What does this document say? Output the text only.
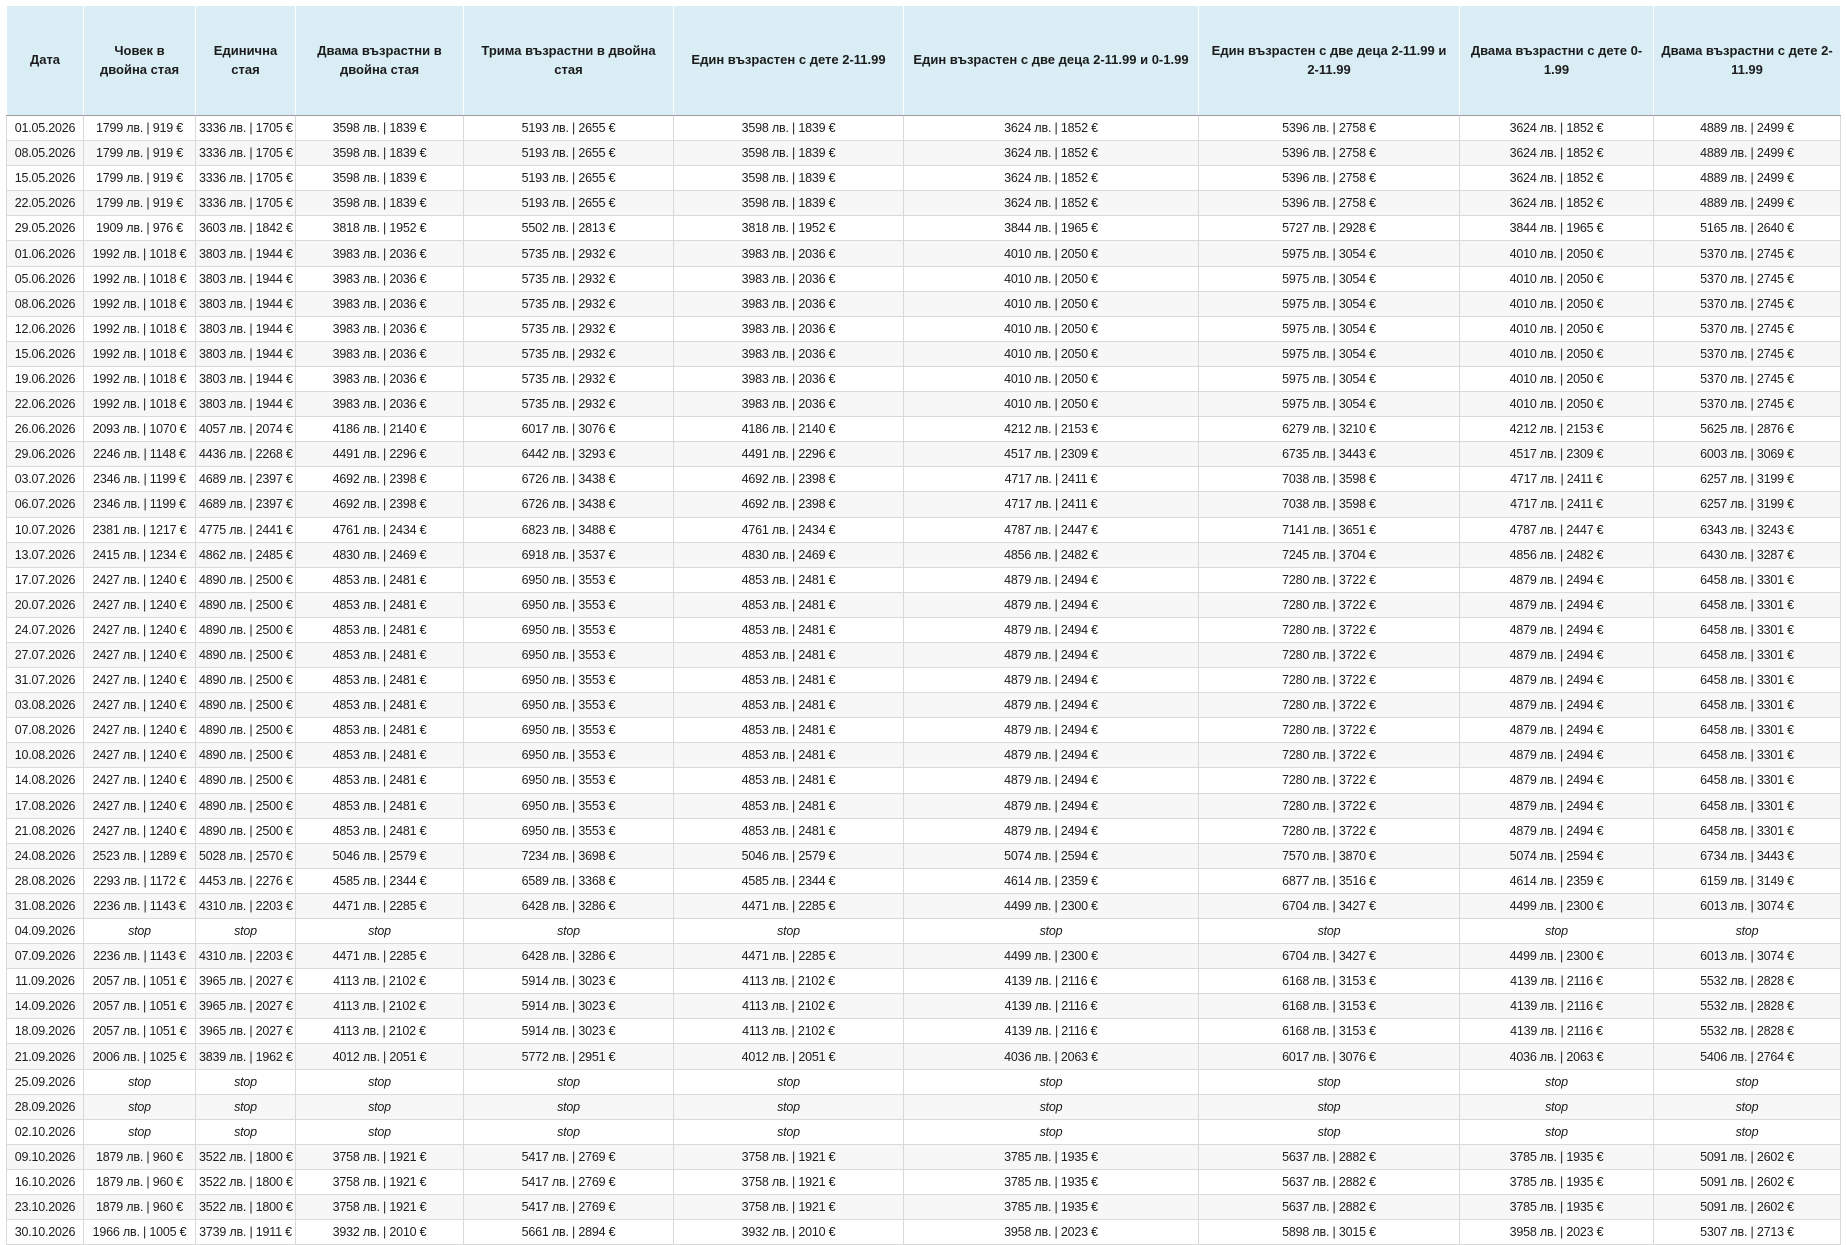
Дата	Човек в двойна стая	Единична стая	Двама възрастни в двойна стая	Трима възрастни в двойна стая	Един възрастен с дете 2-11.99	Един възрастен с две деца 2-11.99 и 0-1.99	Един възрастен с две деца 2-11.99 и 2-11.99	Двама възрастни с дете 0-1.99	Двама възрастни с дете 2-11.99
01.05.2026	1799 лв. | 919 €	3336 лв. | 1705 €	3598 лв. | 1839 €	5193 лв. | 2655 €	3598 лв. | 1839 €	3624 лв. | 1852 €	5396 лв. | 2758 €	3624 лв. | 1852 €	4889 лв. | 2499 €
08.05.2026	1799 лв. | 919 €	3336 лв. | 1705 €	3598 лв. | 1839 €	5193 лв. | 2655 €	3598 лв. | 1839 €	3624 лв. | 1852 €	5396 лв. | 2758 €	3624 лв. | 1852 €	4889 лв. | 2499 €
15.05.2026	1799 лв. | 919 €	3336 лв. | 1705 €	3598 лв. | 1839 €	5193 лв. | 2655 €	3598 лв. | 1839 €	3624 лв. | 1852 €	5396 лв. | 2758 €	3624 лв. | 1852 €	4889 лв. | 2499 €
22.05.2026	1799 лв. | 919 €	3336 лв. | 1705 €	3598 лв. | 1839 €	5193 лв. | 2655 €	3598 лв. | 1839 €	3624 лв. | 1852 €	5396 лв. | 2758 €	3624 лв. | 1852 €	4889 лв. | 2499 €
29.05.2026	1909 лв. | 976 €	3603 лв. | 1842 €	3818 лв. | 1952 €	5502 лв. | 2813 €	3818 лв. | 1952 €	3844 лв. | 1965 €	5727 лв. | 2928 €	3844 лв. | 1965 €	5165 лв. | 2640 €
01.06.2026	1992 лв. | 1018 €	3803 лв. | 1944 €	3983 лв. | 2036 €	5735 лв. | 2932 €	3983 лв. | 2036 €	4010 лв. | 2050 €	5975 лв. | 3054 €	4010 лв. | 2050 €	5370 лв. | 2745 €
05.06.2026	1992 лв. | 1018 €	3803 лв. | 1944 €	3983 лв. | 2036 €	5735 лв. | 2932 €	3983 лв. | 2036 €	4010 лв. | 2050 €	5975 лв. | 3054 €	4010 лв. | 2050 €	5370 лв. | 2745 €
08.06.2026	1992 лв. | 1018 €	3803 лв. | 1944 €	3983 лв. | 2036 €	5735 лв. | 2932 €	3983 лв. | 2036 €	4010 лв. | 2050 €	5975 лв. | 3054 €	4010 лв. | 2050 €	5370 лв. | 2745 €
12.06.2026	1992 лв. | 1018 €	3803 лв. | 1944 €	3983 лв. | 2036 €	5735 лв. | 2932 €	3983 лв. | 2036 €	4010 лв. | 2050 €	5975 лв. | 3054 €	4010 лв. | 2050 €	5370 лв. | 2745 €
15.06.2026	1992 лв. | 1018 €	3803 лв. | 1944 €	3983 лв. | 2036 €	5735 лв. | 2932 €	3983 лв. | 2036 €	4010 лв. | 2050 €	5975 лв. | 3054 €	4010 лв. | 2050 €	5370 лв. | 2745 €
19.06.2026	1992 лв. | 1018 €	3803 лв. | 1944 €	3983 лв. | 2036 €	5735 лв. | 2932 €	3983 лв. | 2036 €	4010 лв. | 2050 €	5975 лв. | 3054 €	4010 лв. | 2050 €	5370 лв. | 2745 €
22.06.2026	1992 лв. | 1018 €	3803 лв. | 1944 €	3983 лв. | 2036 €	5735 лв. | 2932 €	3983 лв. | 2036 €	4010 лв. | 2050 €	5975 лв. | 3054 €	4010 лв. | 2050 €	5370 лв. | 2745 €
26.06.2026	2093 лв. | 1070 €	4057 лв. | 2074 €	4186 лв. | 2140 €	6017 лв. | 3076 €	4186 лв. | 2140 €	4212 лв. | 2153 €	6279 лв. | 3210 €	4212 лв. | 2153 €	5625 лв. | 2876 €
29.06.2026	2246 лв. | 1148 €	4436 лв. | 2268 €	4491 лв. | 2296 €	6442 лв. | 3293 €	4491 лв. | 2296 €	4517 лв. | 2309 €	6735 лв. | 3443 €	4517 лв. | 2309 €	6003 лв. | 3069 €
03.07.2026	2346 лв. | 1199 €	4689 лв. | 2397 €	4692 лв. | 2398 €	6726 лв. | 3438 €	4692 лв. | 2398 €	4717 лв. | 2411 €	7038 лв. | 3598 €	4717 лв. | 2411 €	6257 лв. | 3199 €
06.07.2026	2346 лв. | 1199 €	4689 лв. | 2397 €	4692 лв. | 2398 €	6726 лв. | 3438 €	4692 лв. | 2398 €	4717 лв. | 2411 €	7038 лв. | 3598 €	4717 лв. | 2411 €	6257 лв. | 3199 €
10.07.2026	2381 лв. | 1217 €	4775 лв. | 2441 €	4761 лв. | 2434 €	6823 лв. | 3488 €	4761 лв. | 2434 €	4787 лв. | 2447 €	7141 лв. | 3651 €	4787 лв. | 2447 €	6343 лв. | 3243 €
13.07.2026	2415 лв. | 1234 €	4862 лв. | 2485 €	4830 лв. | 2469 €	6918 лв. | 3537 €	4830 лв. | 2469 €	4856 лв. | 2482 €	7245 лв. | 3704 €	4856 лв. | 2482 €	6430 лв. | 3287 €
17.07.2026	2427 лв. | 1240 €	4890 лв. | 2500 €	4853 лв. | 2481 €	6950 лв. | 3553 €	4853 лв. | 2481 €	4879 лв. | 2494 €	7280 лв. | 3722 €	4879 лв. | 2494 €	6458 лв. | 3301 €
20.07.2026	2427 лв. | 1240 €	4890 лв. | 2500 €	4853 лв. | 2481 €	6950 лв. | 3553 €	4853 лв. | 2481 €	4879 лв. | 2494 €	7280 лв. | 3722 €	4879 лв. | 2494 €	6458 лв. | 3301 €
24.07.2026	2427 лв. | 1240 €	4890 лв. | 2500 €	4853 лв. | 2481 €	6950 лв. | 3553 €	4853 лв. | 2481 €	4879 лв. | 2494 €	7280 лв. | 3722 €	4879 лв. | 2494 €	6458 лв. | 3301 €
27.07.2026	2427 лв. | 1240 €	4890 лв. | 2500 €	4853 лв. | 2481 €	6950 лв. | 3553 €	4853 лв. | 2481 €	4879 лв. | 2494 €	7280 лв. | 3722 €	4879 лв. | 2494 €	6458 лв. | 3301 €
31.07.2026	2427 лв. | 1240 €	4890 лв. | 2500 €	4853 лв. | 2481 €	6950 лв. | 3553 €	4853 лв. | 2481 €	4879 лв. | 2494 €	7280 лв. | 3722 €	4879 лв. | 2494 €	6458 лв. | 3301 €
03.08.2026	2427 лв. | 1240 €	4890 лв. | 2500 €	4853 лв. | 2481 €	6950 лв. | 3553 €	4853 лв. | 2481 €	4879 лв. | 2494 €	7280 лв. | 3722 €	4879 лв. | 2494 €	6458 лв. | 3301 €
07.08.2026	2427 лв. | 1240 €	4890 лв. | 2500 €	4853 лв. | 2481 €	6950 лв. | 3553 €	4853 лв. | 2481 €	4879 лв. | 2494 €	7280 лв. | 3722 €	4879 лв. | 2494 €	6458 лв. | 3301 €
10.08.2026	2427 лв. | 1240 €	4890 лв. | 2500 €	4853 лв. | 2481 €	6950 лв. | 3553 €	4853 лв. | 2481 €	4879 лв. | 2494 €	7280 лв. | 3722 €	4879 лв. | 2494 €	6458 лв. | 3301 €
14.08.2026	2427 лв. | 1240 €	4890 лв. | 2500 €	4853 лв. | 2481 €	6950 лв. | 3553 €	4853 лв. | 2481 €	4879 лв. | 2494 €	7280 лв. | 3722 €	4879 лв. | 2494 €	6458 лв. | 3301 €
17.08.2026	2427 лв. | 1240 €	4890 лв. | 2500 €	4853 лв. | 2481 €	6950 лв. | 3553 €	4853 лв. | 2481 €	4879 лв. | 2494 €	7280 лв. | 3722 €	4879 лв. | 2494 €	6458 лв. | 3301 €
21.08.2026	2427 лв. | 1240 €	4890 лв. | 2500 €	4853 лв. | 2481 €	6950 лв. | 3553 €	4853 лв. | 2481 €	4879 лв. | 2494 €	7280 лв. | 3722 €	4879 лв. | 2494 €	6458 лв. | 3301 €
24.08.2026	2523 лв. | 1289 €	5028 лв. | 2570 €	5046 лв. | 2579 €	7234 лв. | 3698 €	5046 лв. | 2579 €	5074 лв. | 2594 €	7570 лв. | 3870 €	5074 лв. | 2594 €	6734 лв. | 3443 €
28.08.2026	2293 лв. | 1172 €	4453 лв. | 2276 €	4585 лв. | 2344 €	6589 лв. | 3368 €	4585 лв. | 2344 €	4614 лв. | 2359 €	6877 лв. | 3516 €	4614 лв. | 2359 €	6159 лв. | 3149 €
31.08.2026	2236 лв. | 1143 €	4310 лв. | 2203 €	4471 лв. | 2285 €	6428 лв. | 3286 €	4471 лв. | 2285 €	4499 лв. | 2300 €	6704 лв. | 3427 €	4499 лв. | 2300 €	6013 лв. | 3074 €
04.09.2026	stop	stop	stop	stop	stop	stop	stop	stop	stop
07.09.2026	2236 лв. | 1143 €	4310 лв. | 2203 €	4471 лв. | 2285 €	6428 лв. | 3286 €	4471 лв. | 2285 €	4499 лв. | 2300 €	6704 лв. | 3427 €	4499 лв. | 2300 €	6013 лв. | 3074 €
11.09.2026	2057 лв. | 1051 €	3965 лв. | 2027 €	4113 лв. | 2102 €	5914 лв. | 3023 €	4113 лв. | 2102 €	4139 лв. | 2116 €	6168 лв. | 3153 €	4139 лв. | 2116 €	5532 лв. | 2828 €
14.09.2026	2057 лв. | 1051 €	3965 лв. | 2027 €	4113 лв. | 2102 €	5914 лв. | 3023 €	4113 лв. | 2102 €	4139 лв. | 2116 €	6168 лв. | 3153 €	4139 лв. | 2116 €	5532 лв. | 2828 €
18.09.2026	2057 лв. | 1051 €	3965 лв. | 2027 €	4113 лв. | 2102 €	5914 лв. | 3023 €	4113 лв. | 2102 €	4139 лв. | 2116 €	6168 лв. | 3153 €	4139 лв. | 2116 €	5532 лв. | 2828 €
21.09.2026	2006 лв. | 1025 €	3839 лв. | 1962 €	4012 лв. | 2051 €	5772 лв. | 2951 €	4012 лв. | 2051 €	4036 лв. | 2063 €	6017 лв. | 3076 €	4036 лв. | 2063 €	5406 лв. | 2764 €
25.09.2026	stop	stop	stop	stop	stop	stop	stop	stop	stop
28.09.2026	stop	stop	stop	stop	stop	stop	stop	stop	stop
02.10.2026	stop	stop	stop	stop	stop	stop	stop	stop	stop
09.10.2026	1879 лв. | 960 €	3522 лв. | 1800 €	3758 лв. | 1921 €	5417 лв. | 2769 €	3758 лв. | 1921 €	3785 лв. | 1935 €	5637 лв. | 2882 €	3785 лв. | 1935 €	5091 лв. | 2602 €
16.10.2026	1879 лв. | 960 €	3522 лв. | 1800 €	3758 лв. | 1921 €	5417 лв. | 2769 €	3758 лв. | 1921 €	3785 лв. | 1935 €	5637 лв. | 2882 €	3785 лв. | 1935 €	5091 лв. | 2602 €
23.10.2026	1879 лв. | 960 €	3522 лв. | 1800 €	3758 лв. | 1921 €	5417 лв. | 2769 €	3758 лв. | 1921 €	3785 лв. | 1935 €	5637 лв. | 2882 €	3785 лв. | 1935 €	5091 лв. | 2602 €
30.10.2026	1966 лв. | 1005 €	3739 лв. | 1911 €	3932 лв. | 2010 €	5661 лв. | 2894 €	3932 лв. | 2010 €	3958 лв. | 2023 €	5898 лв. | 3015 €	3958 лв. | 2023 €	5307 лв. | 2713 €
